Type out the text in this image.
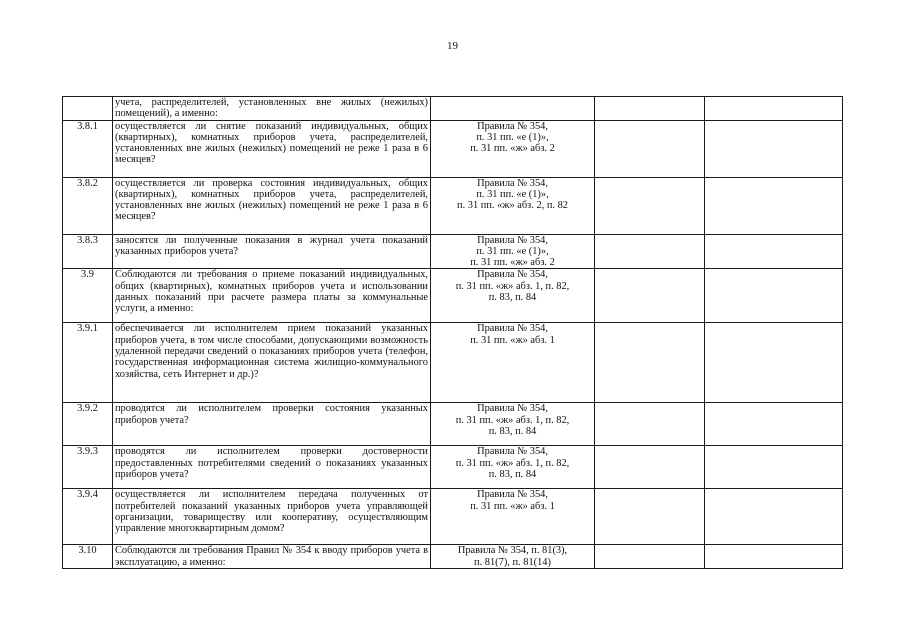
19
	учета, распределителей, установленных вне жилых (нежилых) помещений), а именно:			
3.8.1	осуществляется ли снятие показаний индивидуальных, общих (квартирных), комнатных приборов учета, распределителей, установленных вне жилых (нежилых) помещений не реже 1 раза в 6 месяцев?	Правила № 354,
п. 31 пп. «е (1)»,
п. 31 пп. «ж» абз. 2		

3.8.2	осуществляется ли проверка состояния индивидуальных, общих (квартирных), комнатных приборов учета, распределителей, установленных вне жилых (нежилых) помещений не реже 1 раза в 6 месяцев?	Правила № 354,
п. 31 пп. «е (1)»,
п. 31 пп. «ж» абз. 2, п. 82		

3.8.3	заносятся ли полученные показания в журнал учета показаний указанных приборов учета?	Правила № 354,
п. 31 пп. «е (1)»,
п. 31 пп. «ж» абз. 2		

3.9	Соблюдаются ли требования о приеме показаний индивидуальных, общих (квартирных), комнатных приборов учета и использовании данных показаний при расчете размера платы за коммунальные услуги, а именно:	Правила № 354,
п. 31 пп. «ж» абз. 1, п. 82,
п. 83, п. 84		

3.9.1	обеспечивается ли исполнителем прием показаний указанных приборов учета, в том числе способами, допускающими возможность удаленной передачи сведений о показаниях приборов учета (телефон, государственная информационная система жилищно-коммунального хозяйства, сеть Интернет и др.)?	Правила № 354,
п. 31 пп. «ж» абз. 1		

3.9.2	проводятся ли исполнителем проверки состояния указанных приборов учета?	Правила № 354,
п. 31 пп. «ж» абз. 1, п. 82,
п. 83, п. 84		

3.9.3	проводятся ли исполнителем проверки достоверности предоставленных потребителями сведений о показаниях указанных приборов учета?	Правила № 354,
п. 31 пп. «ж» абз. 1, п. 82,
п. 83, п. 84		

3.9.4	осуществляется ли исполнителем передача полученных от потребителей показаний указанных приборов учета управляющей организации, товариществу или кооперативу, осуществляющим управление многоквартирным домом?	Правила № 354,
п. 31 пп. «ж» абз. 1		

3.10	Соблюдаются ли требования Правил № 354 к вводу приборов учета в эксплуатацию, а именно:	Правила № 354, п. 81(3),
п. 81(7), п. 81(14)		
